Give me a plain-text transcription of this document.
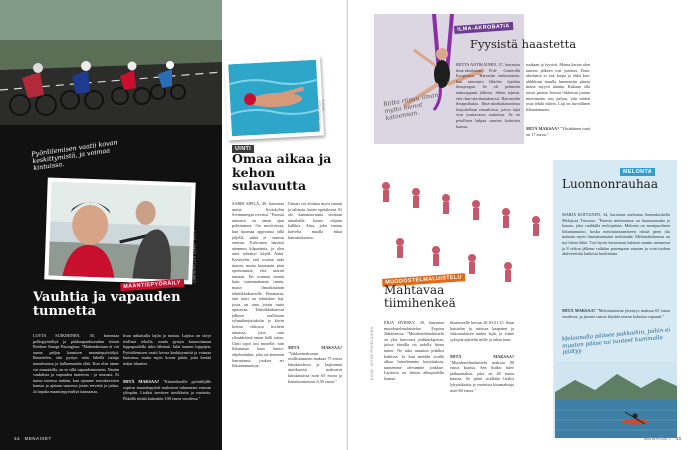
Pyöräilemisen vaatii kovan keskittymistä, ja voimaa kintuissa.
KUVA: OMAT KOTIALBUMIT
MAANTIEPYÖRÄILY
Vauhtia ja vapauden tunnetta
LOTTA SUIKIHINEN, 30, harrastaa polkupyöräilyä ja pääkaupunkiseudun tiimin Realstar Stange Racingissa. "Mahendustaan ei voi sanoa paljon kaunisen maantiepyöräilyä. Ihmettelen, että pystyn näin lähellä tuttuja tunnelmassa ja hullunmaalia elää. Kun olen tänne voi maanteilla, on se sillä vapaudentunteen. Nautin vauhdista ja vapauden tunteesta - ja seurasta. Ei tunnu ineensa mitään, kun ajamme seurakaverien kanssa ja ajetaan suuressa jotain tervettä ja juttua. Ja lopulta maantiepyöräilyä kannaasta.
lisaa ratkaisulla lajiin ja tuntuu. Lajissa on sävyt teolliset teholla, mutta pystyn kanavoimaan loppupuolella tulin lähinnä. Jalat tunnen loppujen. Pyöräilemisen vaatii kovaa keskittymistä ja voimaa kintuissa, mutta myös kovaa päätä, jotta kestää tiukat tilanteet.
MITÄ MAKSAA? "Kiinteikseille pyöräilijille sopivat maantiepyörät maksavat tuhannesta eurosta ylöspäin. Lisäksi tarvitsee tarvikkeita ja vaatteita. Pitkällä riittää kuitenkin 100 euroa vuodessa."
44 MENAISET
KUVA: ISTOCKPHOTO
UINTI
Omaa aikaa ja kehon sulavuutta
SARRI SIPILÄ, 40, harrastaa uintia Jyväskylän Sviimmingin riveissä. "Parasta uinnissa on oman ajan pohtiminen. On motivoivaa, kun huomaa oppivansa tällä jäljellä, mikä ei onnistu onnistu. Esikoinen harrasti aiemmin kilpauintia, ja olen aina ryhtänyt käydä Åänä. Kuvittelin, että osaisin uida tunnin, mutta huomasin pian opetustuntia, että uintini uimaan. En osannut montä kuin tuntemattomia tuntia, mutta ilmoittauduin tekniikkakurssille. Huomasin, että uinti on tekniikan laji, jossa on aina jotain uutta opittavaa. Tekniikkakurssin jälkeen osallistuin ryhmäharjoituksiin ja kävin kerran viikossa tischeni uimassa, jotta sain ylimääräistä oman halli toitaa. Uinti sopii tosi monelle, niin liikuntaan kuin kunto-ohjelmiinkin, joka on aiemmin harrastanut joukon eri liikuntamuotoja.
Uimari voi aloittaa myös tunnin ja taloasta, kuten opetukseni. Ei ole kannattavuutta teoriaan uimahalle, kuten ohjattu kalkkia. Aina, joka tuntuu kaivelia mualla mkat harrastuksensa.
MITÄ MAKSAA? "Vakkeemaksuani osallistuminen maksaa 75 euroa lukukaudessa ja laajimmat uintikurssit maksavat lukukausissa noin 65 euroa ja kertaluonteisesti 6,50 euroa."
Riitta riipuu ilman mytta hienot katoonnan.
ILMA-AKROBATIA
Fyysistä haastetta
RIITTA ANTIKAINEN, 37, harrastaa ilma-akrobatiaa Pole Centerillä Koopiossa. "Harrastin tankotanssia, kun innostuin lähtöön lajeihin ilmajoogan. Se oli pehmeän tankooppaan jälkeen. Sitten tajusin, että ilma-akrobatiakurssit. Harrastelin ilmapoikulaa. Ilma-akrobatiatunnissa harjoitellaan renaaloissa, joissa lajat ovat joustavassa tankoissa. Se on petollisen halpaa suurien koitosten kanssa.
ruukaan ja fyysisti. Monta kertaa olen tuntein jälkeen tosi jumissa. Ilma-akrobatia ei sitä kaipa ja ehkä kaa-ahhhhsun muulla huoneustin piinaa mutta myyvä tänään. Kukaan olla toista painoa Jotusta liikkeistä joutuu miettimään tosi paljon, että niiden osaa tehdä oikein. Laji on turvallinen liikuntamuoto.
MITÄ MAKSAA? "Yksittäinen tunti on 17 euroa."
KUVA: JESSE PUHELAINEN
MUODOSTELMALUISTELU
Mahtavaa tiimihenkeä
ERJA HYRSKY, 30, harrastaa muodostelmaluistelua Espoon Jäätaiteessa. "Muodostelmaluistelu on yksi harvoista joukkuelajeista, joissa tiimilla on todella hieno tunne. Ne aika muuttuu pitkiksi kaikissa. Ja kun meidän sisällä alkaa luistelemaan harjoituksia, tunnemme olevamme joukkue. Lajisissa on tiimin alkupuolella kantaa.
ilmaisseelle kerran 20.30-21.15. Saan haistelan ja ratoissa kaapaten ja viikosaalaisen uuden lajin, ja viime syksynä ajattelin niille ja rahaa tuon.
MITÄ MAKSAA? "Muodostelmaluistelu maksaa 80 euroa kuussa. Sen lisäksi tulee jäähuomaksu, joka on 40 euroa kuussa. Se pitää sisällään lisäksi lyhytaikaisia ja vuotuisia kisamaksuja noin 60 euroa."
MELONTA
Luonnonrauhaa
MARJA KOIVUNEN, 34, harrastaa melontaa Saarenkoskella Melojissa Tursossa. "Parasta melonnassa on luonnonrauha ja lounas, joka ruuhkilla melojaahan. Melonta on monipuolinen liikuntamuoto, koska melontaosaamiseen riittää pieni tila mukaan myös ilmasatunnaiset meloimäät. Melontakokemus on nyt hieno lähtö. Tosi hyvin kerrassaan kahteen tuntiin mennessä ja 8 viikon jälkeen vaihdan parempaan seuraan ja voin tuohon aktiviteettiin kaikesta huolimatta.
MITÄ MAKSAA? "Melontaseuran jäsenyys maksaa 65 euroa vuodessa, ja jäsenet saavat käyttää seuran kalustoa vapaasti."
Melonnalla pääsee pakkoihin, joihin ei muuten pääse tai tunteet kummalla päätyy.
MENAISET 45
